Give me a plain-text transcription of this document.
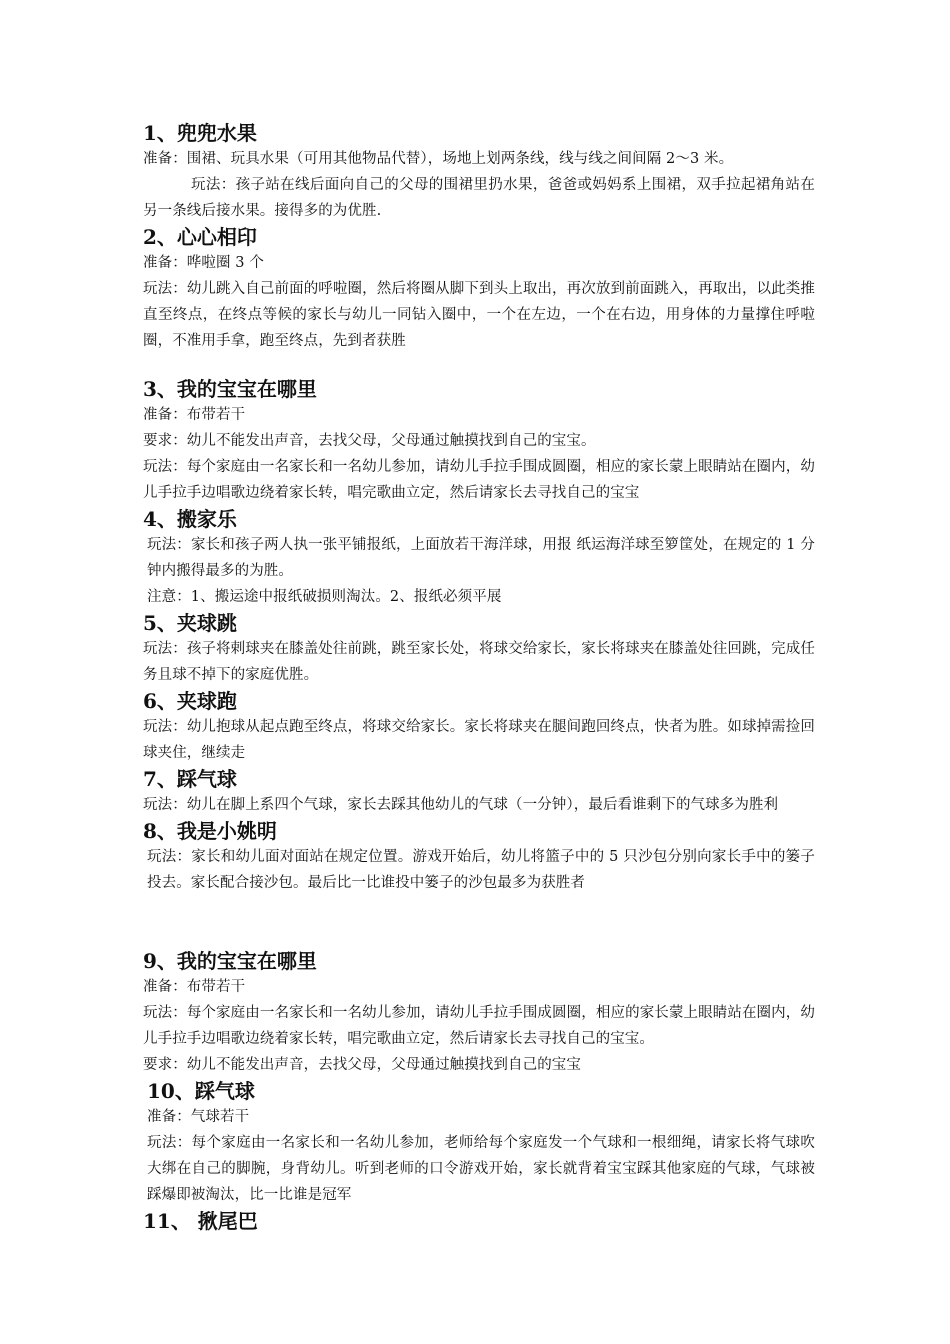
1、兜兜水果

准备：围裙、玩具水果（可用其他物品代替），场地上划两条线，线与线之间间隔 2～3 米。

玩法：孩子站在线后面向自己的父母的围裙里扔水果，爸爸或妈妈系上围裙，双手拉起裙角站在另一条线后接水果。接得多的为优胜.

2、心心相印

准备：哗啦圈 3 个

玩法：幼儿跳入自己前面的呼啦圈，然后将圈从脚下到头上取出，再次放到前面跳入，再取出，以此类推直至终点，在终点等候的家长与幼儿一同钻入圈中，一个在左边，一个在右边，用身体的力量撑住呼啦圈，不准用手拿，跑至终点，先到者获胜

3、我的宝宝在哪里

准备：布带若干

要求：幼儿不能发出声音，去找父母，父母通过触摸找到自己的宝宝。

玩法：每个家庭由一名家长和一名幼儿参加，请幼儿手拉手围成圆圈，相应的家长蒙上眼睛站在圈内，幼儿手拉手边唱歌边绕着家长转，唱完歌曲立定，然后请家长去寻找自己的宝宝

4、搬家乐

玩法：家长和孩子两人执一张平铺报纸，上面放若干海洋球，用报 纸运海洋球至箩筐处，在规定的 1 分钟内搬得最多的为胜。

注意：1、搬运途中报纸破损则淘汰。2、报纸必须平展

5、夹球跳

玩法：孩子将剌球夹在膝盖处往前跳，跳至家长处，将球交给家长，家长将球夹在膝盖处往回跳，完成任务且球不掉下的家庭优胜。

6、夹球跑

玩法：幼儿抱球从起点跑至终点，将球交给家长。家长将球夹在腿间跑回终点，快者为胜。如球掉需捡回球夹住，继续走

7、踩气球

玩法：幼儿在脚上系四个气球，家长去踩其他幼儿的气球（一分钟），最后看谁剩下的气球多为胜利

8、我是小姚明

玩法：家长和幼儿面对面站在规定位置。游戏开始后，幼儿将篮子中的 5 只沙包分别向家长手中的篓子投去。家长配合接沙包。最后比一比谁投中篓子的沙包最多为获胜者

9、我的宝宝在哪里

准备：布带若干

玩法：每个家庭由一名家长和一名幼儿参加，请幼儿手拉手围成圆圈，相应的家长蒙上眼睛站在圈内，幼儿手拉手边唱歌边绕着家长转，唱完歌曲立定，然后请家长去寻找自己的宝宝。

要求：幼儿不能发出声音，去找父母，父母通过触摸找到自己的宝宝

10、踩气球

准备：气球若干

玩法：每个家庭由一名家长和一名幼儿参加，老师给每个家庭发一个气球和一根细绳，请家长将气球吹大绑在自己的脚腕，身背幼儿。听到老师的口令游戏开始，家长就背着宝宝踩其他家庭的气球，气球被踩爆即被淘汰，比一比谁是冠军

11、 揪尾巴
